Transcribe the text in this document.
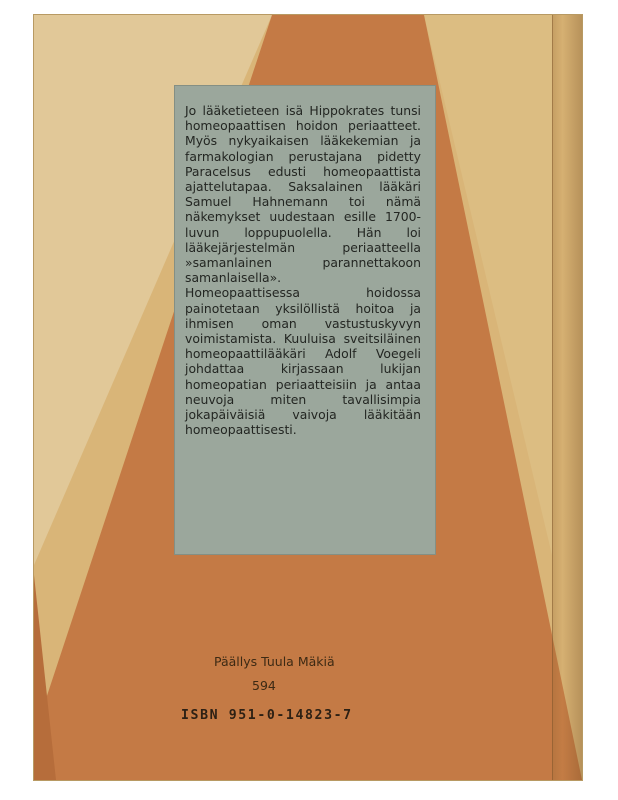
Jo lääketieteen isä Hippokrates tunsi homeopaattisen hoidon periaatteet. Myös nykyaikaisen lääkekemian ja farmakologian perustajana pidetty Paracelsus edusti homeopaattista ajattelutapaa. Saksalainen lääkäri Samuel Hahnemann toi nämä näkemykset uudestaan esille 1700-luvun loppupuolella. Hän loi lääkejärjestelmän periaatteella »samanlainen parannettakoon samanlaisella».

Homeopaattisessa hoidossa painotetaan yksilöllistä hoitoa ja ihmisen oman vastustuskyvyn voimistamista. Kuuluisa sveitsiläinen homeopaattilääkäri Adolf Voegeli johdattaa kirjassaan lukijan homeopatian periaatteisiin ja antaa neuvoja miten tavallisimpia jokapäiväisiä vaivoja lääkitään homeopaattisesti.

Päällys Tuula Mäkiä
594
ISBN 951-0-14823-7
